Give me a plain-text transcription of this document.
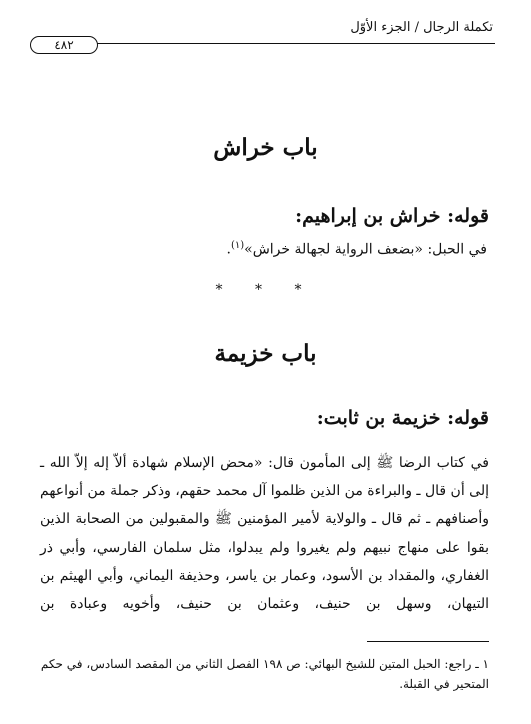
تكملة الرجال / الجزء الأوّل
٤٨٢
باب خراش
قوله: خراش بن إبراهيم:
في الحبل: «بضعف الرواية لجهالة خراش»$^{(١)}$.
* * *
باب خزيمة
قوله: خزيمة بن ثابت:

في كتاب الرضا ﷺ إلى المأمون قال: «محض الإسلام شهادة ألاّ إله إلاّ الله ـ إلى أن قال ـ والبراءة من الذين ظلموا آل محمد حقهم، وذكر جملة من أنواعهم وأصنافهم ـ ثم قال ـ والولاية لأمير المؤمنين ﷺ والمقبولين من الصحابة الذين بقوا على منهاج نبيهم ولم يغيروا ولم يبدلوا، مثل سلمان الفارسي، وأبي ذر الغفاري، والمقداد بن الأسود، وعمار بن ياسر، وحذيفة اليماني، وأبي الهيثم بن التيهان، وسهل بن حنيف، وعثمان بن حنيف، وأخويه وعبادة بن

١ ـ راجع: الحبل المتين للشيخ البهائي: ص ١٩٨ الفصل الثاني من المقصد السادس، في حكم المتحير في القبلة.
